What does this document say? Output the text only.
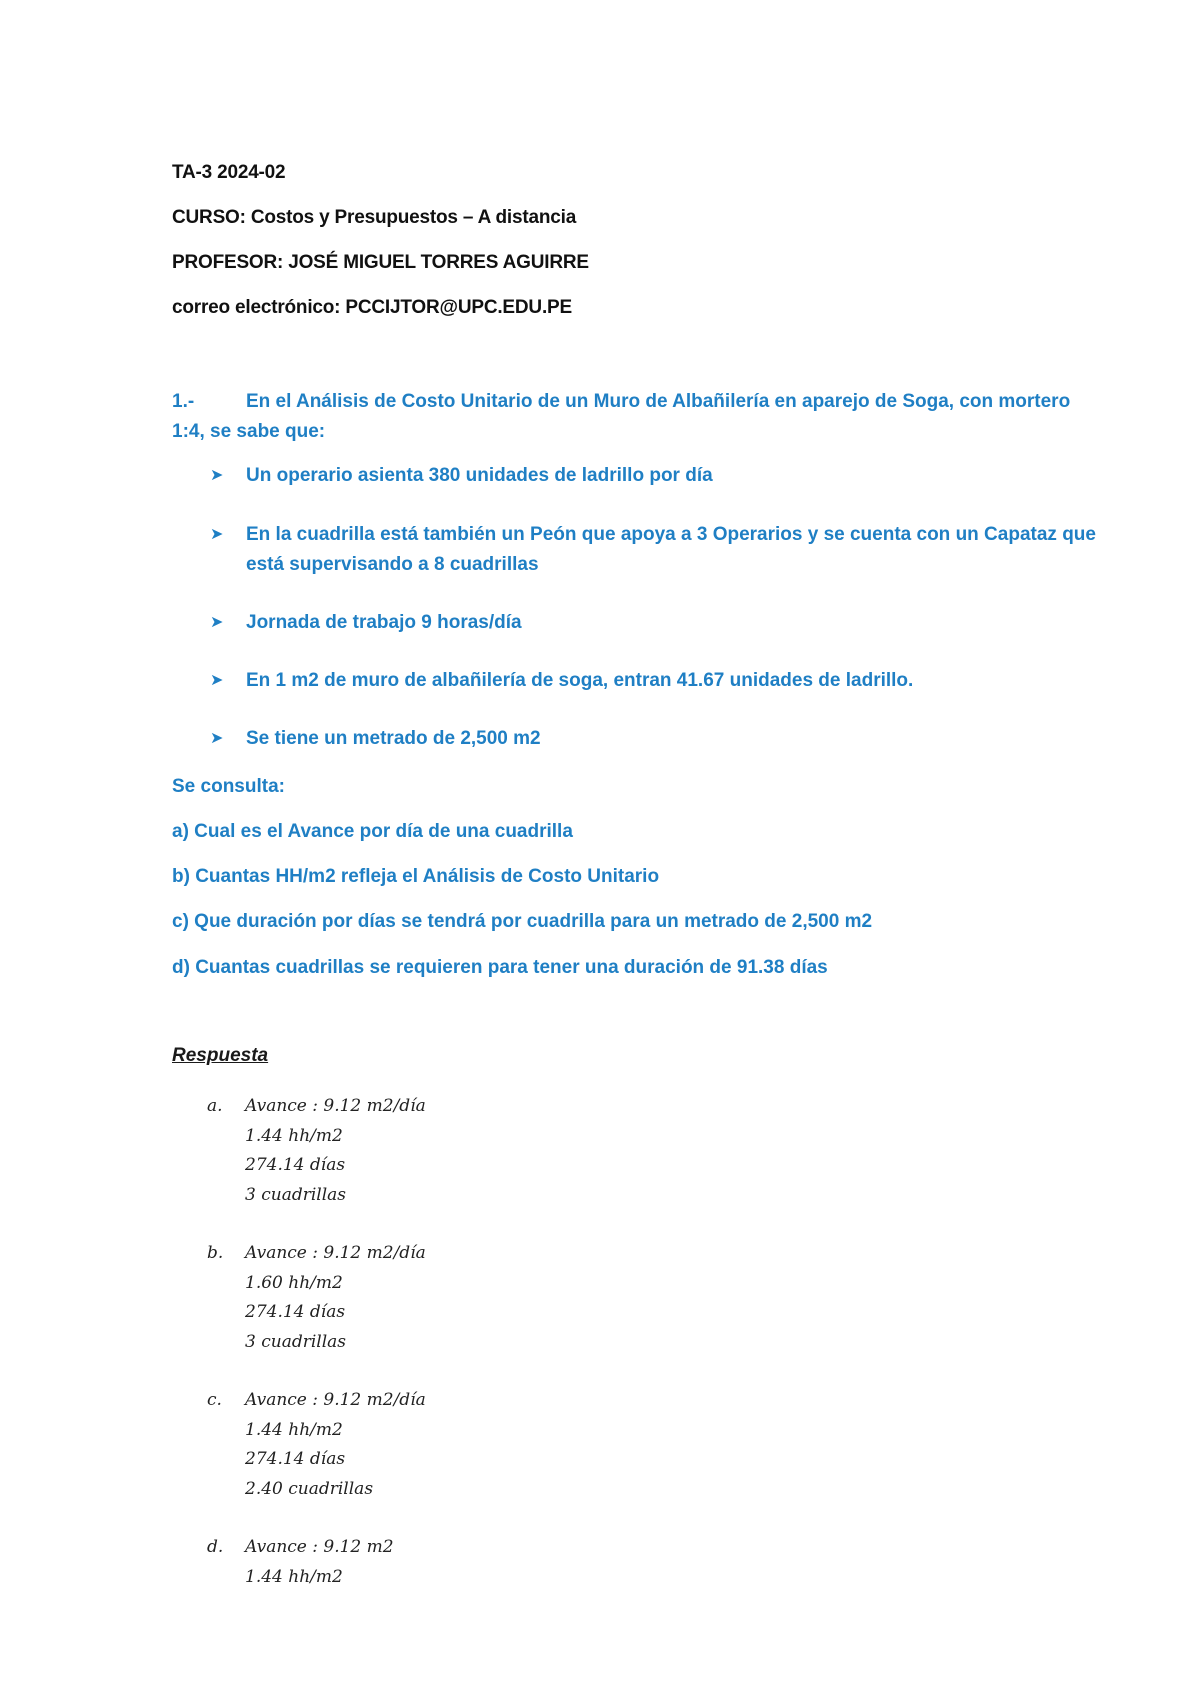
TA-3 2024-02
CURSO: Costos y Presupuestos – A distancia
PROFESOR: JOSÉ MIGUEL TORRES AGUIRRE
correo electrónico: PCCIJTOR@UPC.EDU.PE
1.-	En el Análisis de Costo Unitario de un Muro de Albañilería en aparejo de Soga, con mortero
1:4, se sabe que:
➤	Un operario asienta 380 unidades de ladrillo por día
➤	En la cuadrilla está también un Peón que apoya a 3 Operarios y se cuenta con un Capataz que está supervisando a 8 cuadrillas
➤	Jornada de trabajo 9 horas/día
➤	En 1 m2 de muro de albañilería de soga, entran 41.67 unidades de ladrillo.
➤	Se tiene un metrado de 2,500 m2
Se consulta:
a) Cual es el Avance por día de una cuadrilla
b) Cuantas HH/m2 refleja el Análisis de Costo Unitario
c) Que duración por días se tendrá por cuadrilla para un metrado de 2,500 m2
d) Cuantas cuadrillas se requieren para tener una duración de 91.38 días
Respuesta
a. Avance : 9.12 m2/día
1.44 hh/m2
274.14 días
3 cuadrillas
b. Avance : 9.12 m2/día
1.60 hh/m2
274.14 días
3 cuadrillas
c. Avance : 9.12 m2/día
1.44 hh/m2
274.14 días
2.40 cuadrillas
d. Avance : 9.12 m2
1.44 hh/m2
